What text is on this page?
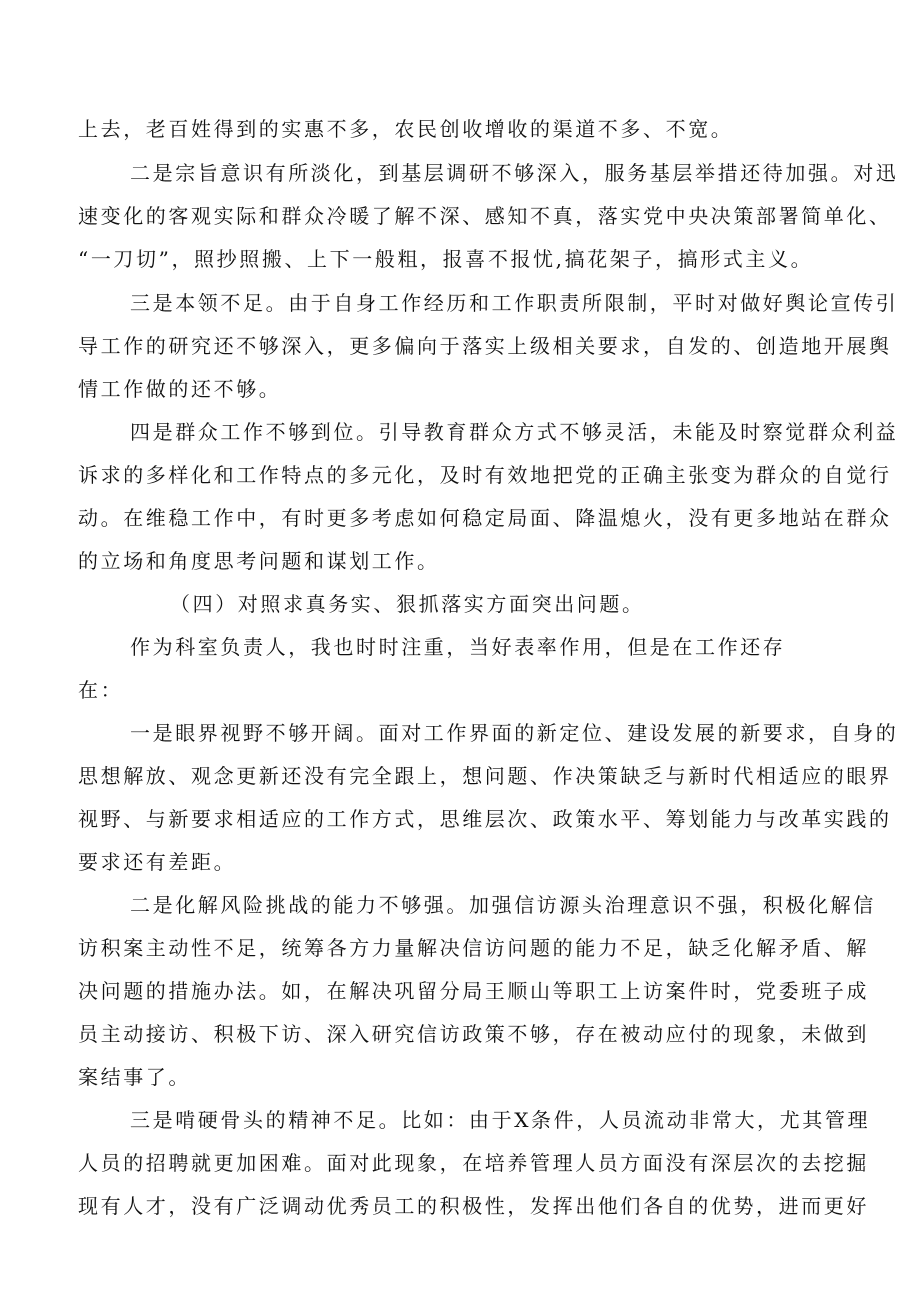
上去，老百姓得到的实惠不多，农民创收增收的渠道不多、不宽。
二是宗旨意识有所淡化，到基层调研不够深入，服务基层举措还待加强。对迅
速变化的客观实际和群众冷暖了解不深、感知不真，落实党中央决策部署简单化、
“一刀切”，照抄照搬、上下一般粗，报喜不报忧,搞花架子，搞形式主义。
三是本领不足。由于自身工作经历和工作职责所限制，平时对做好舆论宣传引
导工作的研究还不够深入，更多偏向于落实上级相关要求，自发的、创造地开展舆
情工作做的还不够。
四是群众工作不够到位。引导教育群众方式不够灵活，未能及时察觉群众利益
诉求的多样化和工作特点的多元化，及时有效地把党的正确主张变为群众的自觉行
动。在维稳工作中，有时更多考虑如何稳定局面、降温熄火，没有更多地站在群众
的立场和角度思考问题和谋划工作。
（四）对照求真务实、狠抓落实方面突出问题。
作为科室负责人，我也时时注重，当好表率作用，但是在工作还存
在：
一是眼界视野不够开阔。面对工作界面的新定位、建设发展的新要求，自身的
思想解放、观念更新还没有完全跟上，想问题、作决策缺乏与新时代相适应的眼界
视野、与新要求相适应的工作方式，思维层次、政策水平、筹划能力与改革实践的
要求还有差距。
二是化解风险挑战的能力不够强。加强信访源头治理意识不强，积极化解信
访积案主动性不足，统筹各方力量解决信访问题的能力不足，缺乏化解矛盾、解
决问题的措施办法。如，在解决巩留分局王顺山等职工上访案件时，党委班子成
员主动接访、积极下访、深入研究信访政策不够，存在被动应付的现象，未做到
案结事了。
三是啃硬骨头的精神不足。比如：由于X条件，人员流动非常大，尤其管理
人员的招聘就更加困难。面对此现象，在培养管理人员方面没有深层次的去挖掘
现有人才，没有广泛调动优秀员工的积极性，发挥出他们各自的优势，进而更好
